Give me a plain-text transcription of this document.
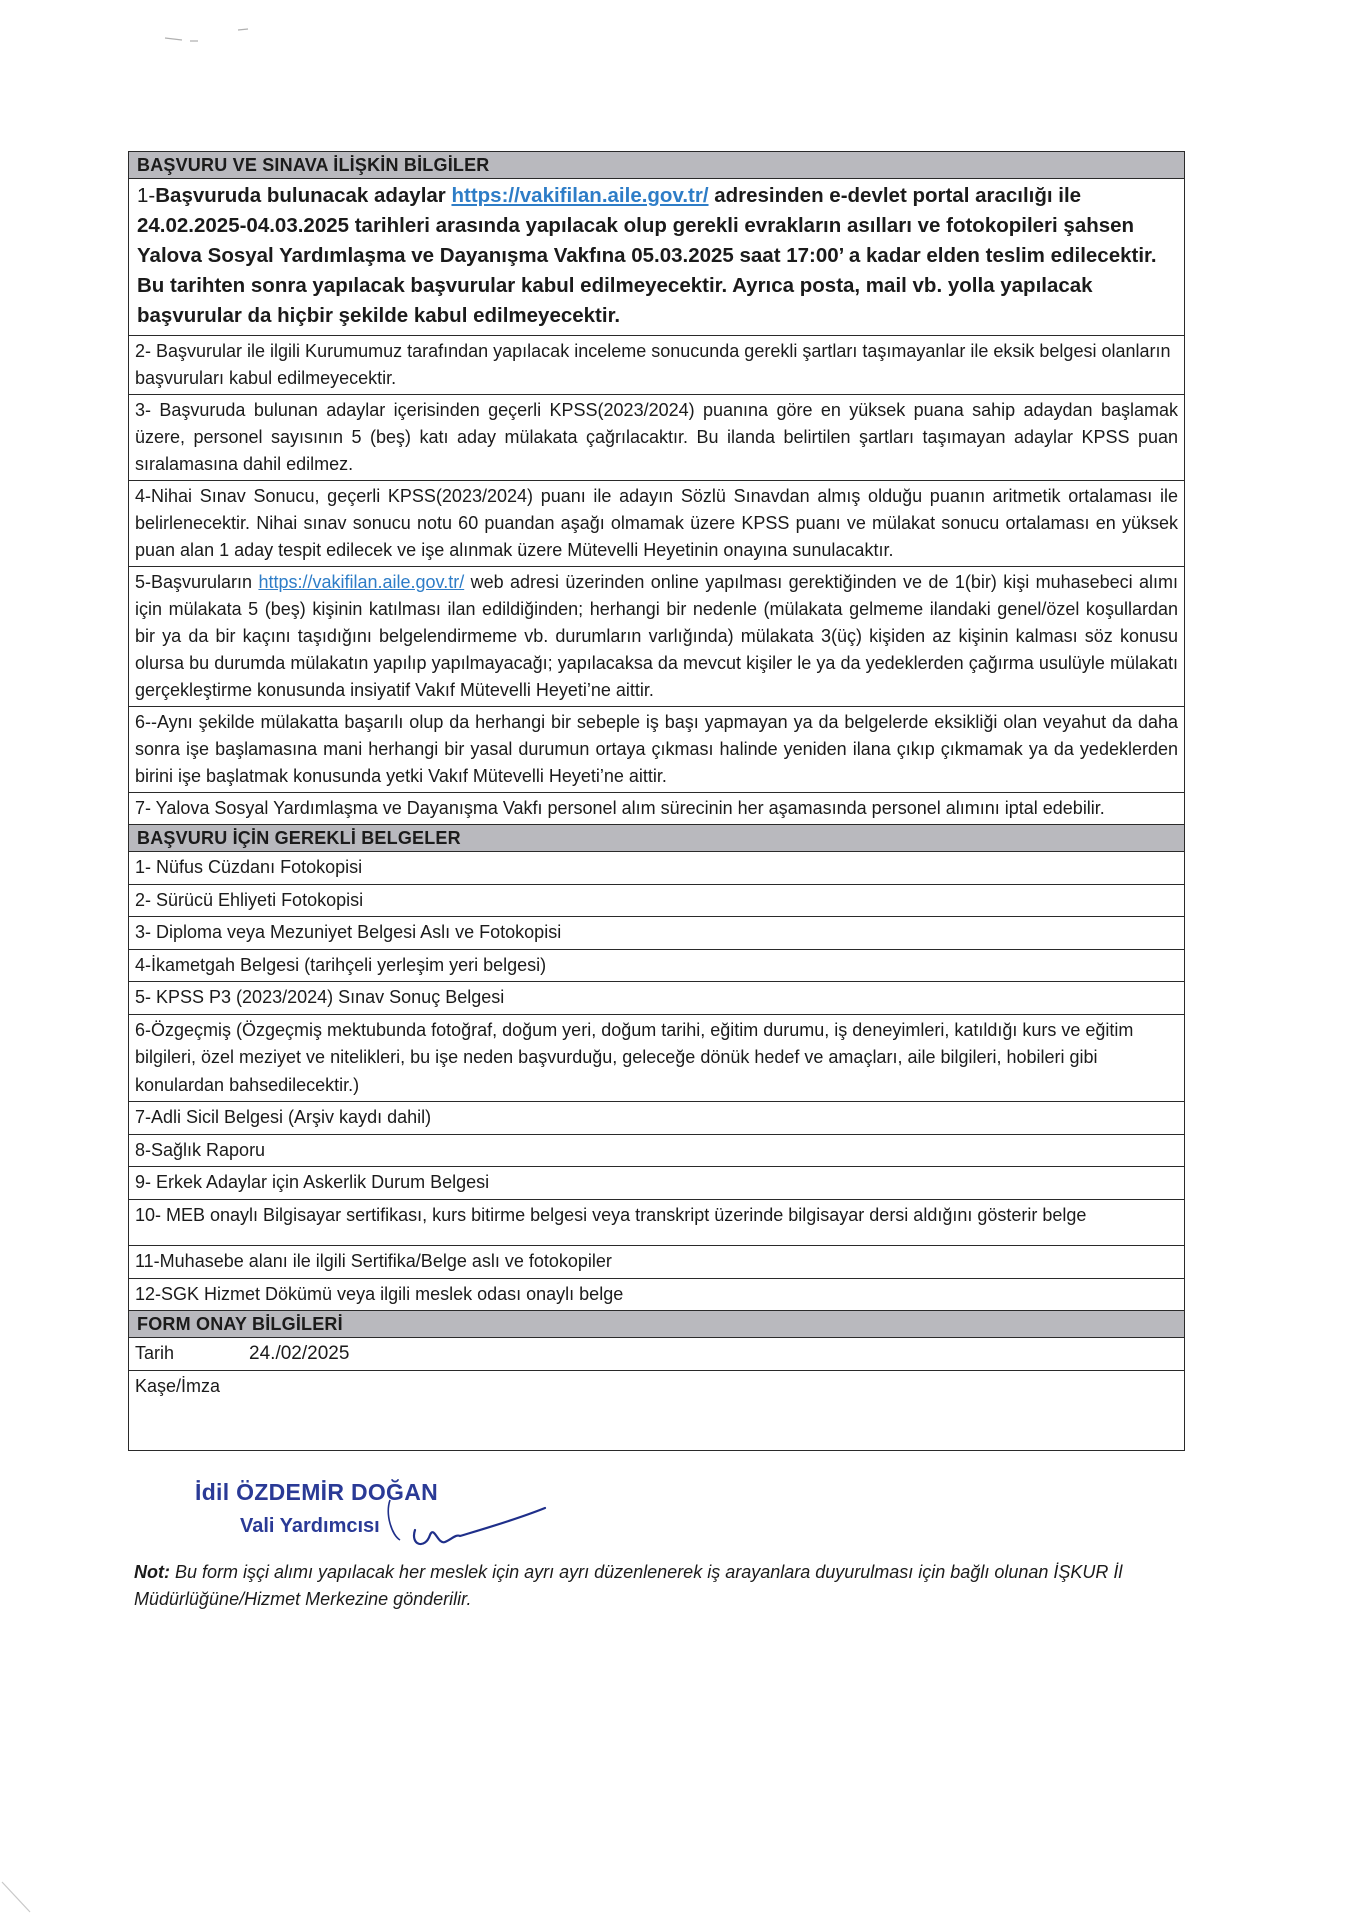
BAŞVURU VE SINAVA İLİŞKİN BİLGİLER
1-Başvuruda bulunacak adaylar https://vakifilan.aile.gov.tr/ adresinden e-devlet portal aracılığı ile 24.02.2025-04.03.2025 tarihleri arasında yapılacak olup gerekli evrakların asılları ve fotokopileri şahsen Yalova Sosyal Yardımlaşma ve Dayanışma Vakfına 05.03.2025 saat 17:00’ a kadar elden teslim edilecektir. Bu tarihten sonra yapılacak başvurular kabul edilmeyecektir. Ayrıca posta, mail vb. yolla yapılacak başvurular da hiçbir şekilde kabul edilmeyecektir.
2- Başvurular ile ilgili Kurumumuz tarafından yapılacak inceleme sonucunda gerekli şartları taşımayanlar ile eksik belgesi olanların başvuruları kabul edilmeyecektir.
3- Başvuruda bulunan adaylar içerisinden geçerli KPSS(2023/2024) puanına göre en yüksek puana sahip adaydan başlamak üzere, personel sayısının 5 (beş) katı aday mülakata çağrılacaktır. Bu ilanda belirtilen şartları taşımayan adaylar KPSS puan sıralamasına dahil edilmez.
4-Nihai Sınav Sonucu, geçerli KPSS(2023/2024) puanı ile adayın Sözlü Sınavdan almış olduğu puanın aritmetik ortalaması ile belirlenecektir. Nihai sınav sonucu notu 60 puandan aşağı olmamak üzere KPSS puanı ve mülakat sonucu ortalaması en yüksek puan alan 1 aday tespit edilecek ve işe alınmak üzere Mütevelli Heyetinin onayına sunulacaktır.
5-Başvuruların https://vakifilan.aile.gov.tr/ web adresi üzerinden online yapılması gerektiğinden ve de 1(bir) kişi muhasebeci alımı için mülakata 5 (beş) kişinin katılması ilan edildiğinden; herhangi bir nedenle (mülakata gelmeme ilandaki genel/özel koşullardan bir ya da bir kaçını taşıdığını belgelendirmeme vb. durumların varlığında) mülakata 3(üç) kişiden az kişinin kalması söz konusu olursa bu durumda mülakatın yapılıp yapılmayacağı; yapılacaksa da mevcut kişiler le ya da yedeklerden çağırma usulüyle mülakatı gerçekleştirme konusunda insiyatif Vakıf Mütevelli Heyeti’ne aittir.
6--Aynı şekilde mülakatta başarılı olup da herhangi bir sebeple iş başı yapmayan ya da belgelerde eksikliği olan veyahut da daha sonra işe başlamasına mani herhangi bir yasal durumun ortaya çıkması halinde yeniden ilana çıkıp çıkmamak ya da yedeklerden birini işe başlatmak konusunda yetki Vakıf Mütevelli Heyeti’ne aittir.
7- Yalova Sosyal Yardımlaşma ve Dayanışma Vakfı personel alım sürecinin her aşamasında personel alımını iptal edebilir.
BAŞVURU İÇİN GEREKLİ BELGELER
1- Nüfus Cüzdanı Fotokopisi
2- Sürücü Ehliyeti Fotokopisi
3- Diploma veya Mezuniyet Belgesi Aslı ve Fotokopisi
4-İkametgah Belgesi (tarihçeli yerleşim yeri belgesi)
5- KPSS P3 (2023/2024) Sınav Sonuç Belgesi
6-Özgeçmiş (Özgeçmiş mektubunda fotoğraf, doğum yeri, doğum tarihi, eğitim durumu, iş deneyimleri, katıldığı kurs ve eğitim bilgileri, özel meziyet ve nitelikleri, bu işe neden başvurduğu, geleceğe dönük hedef ve amaçları, aile bilgileri, hobileri gibi konulardan bahsedilecektir.)
7-Adli Sicil Belgesi (Arşiv kaydı dahil)
8-Sağlık Raporu
9- Erkek Adaylar için Askerlik Durum Belgesi
10- MEB onaylı Bilgisayar sertifikası, kurs bitirme belgesi veya transkript üzerinde bilgisayar dersi aldığını gösterir belge
11-Muhasebe alanı ile ilgili Sertifika/Belge aslı ve fotokopiler
12-SGK Hizmet Dökümü veya ilgili meslek odası onaylı belge
FORM ONAY BİLGİLERİ
Tarih	24./02/2025
Kaşe/İmza
İdil ÖZDEMİR DOĞAN
Vali Yardımcısı
Not: Bu form işçi alımı yapılacak her meslek için ayrı ayrı düzenlenerek iş arayanlara duyurulması için bağlı olunan İŞKUR İl Müdürlüğüne/Hizmet Merkezine gönderilir.
